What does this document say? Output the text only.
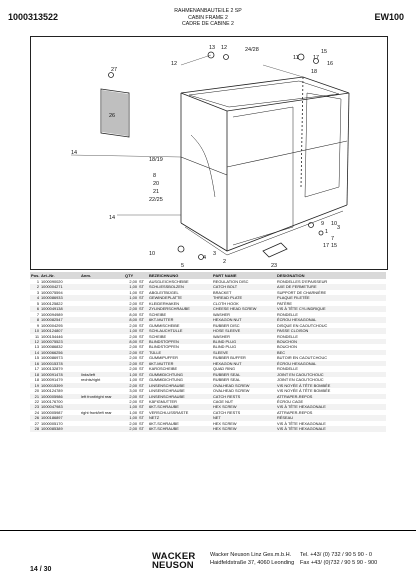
1000313522	EW100
RAHMENANBAUTEILE 2 SP
CABIN FRAME 2
CADRE DE CABINE 2
13 12	24/28
11	17
15
16
18
27
12
26
14
18/19
8
20
21
22/25
14
9 10
3
1
7
17 15
10
4
3
2
23
5
Pos.	Art.-Nr.	Anm.	QTY		BEZEICHNUNG	PART NAME	DESIGNATION
1	1000090020		2,00	ST	AUSGLEICHSCHEIBE	REGULATION DISC	RONDELLES D'EPAISSEUR
2	1000004271		1,00	ST	SCHLIESSBOLZEN	CATCH BOLT	AXE DE FERMETURE
3	1000075594		1,00	ST	ABGLEITBÜGEL	BRACKET	SUPPORT DE CHARNIÈRE
4	1000086933		1,00	ST	GEWINDEPLATTE	THREAD PLATE	PLAQUE FILETÉE
5	1000125822		2,00	ST	KLEIDERHAKEN	CLOTH HOOK	PATÈRE
6	1000049138		2,00	ST	ZYLINDERSCHRAUBE	CHEESE HEAD SCREW	VIS À TÊTE CYLINDRIQUE
7	1000094989		8,00	ST	SCHEIBE	WASHER	RONDELLE
8	1000082547		8,00	ST	6KT-MUTTER	HEXAGON NUT	ÉCROU HEXAGONAL
9	1000004295		2,00	ST	GUMMISCHEIBE	RUBBER DISC	DISQUE EN CAOUTCHOUC
10	1000124807		1,00	ST	SCHLAUCHTÜLLE	HOSE SLEEVE	PASSE CLOISON
11	1000154446		2,00	ST	SCHEIBE	WASHER	RONDELLE
12	1000075523		8,00	ST	BLINDSTOPFEN	BLIND PLUG	BOUCHON
13	1000086832		2,00	ST	BLINDSTOPFEN	BLIND PLUG	BOUCHON
14	1000066256		2,00	ST	TÜLLE	SLEEVE	BEC
15	1000086973		2,00	ST	GUMMIPUFFER	RUBBER BUFFER	BUTOIR EN CAOUTCHOUC
16	1000015378		2,00	ST	6KT-MUTTER	HEXAGON NUT	ÉCROU HEXAGONAL
17	1000132879		2,00	ST	KAROSCHEIBE	QUAD RING	RONDELLE
18	1000091478	links/left	1,00	ST	GUMMIDICHTUNG	RUBBER SEAL	JOINT EN CAOUTCHOUC
18	1000091479	rechts/right	1,00	ST	GUMMIDICHTUNG	RUBBER SEAL	JOINT EN CAOUTCHOUC
19	1000015399		2,00	ST	LINSENSCHRAUBE	OVALHEAD SCREW	VIS NOYÉE À TÊTE BOMBÉE
20	1000124789		3,00	ST	LINSENSCHRAUBE	OVALHEAD SCREW	VIS NOYÉE À TÊTE BOMBÉE
21	1000005986	left front/right rear	2,00	ST	LINSENSCHRAUBE	CATCH RESTS	ATTRAPER-REPOS
22	1000176700		2,00	ST	KÄFIGMUTTER	CAGE NUT	ÉCROU CAGE
23	1000047983		1,00	ST	6KT-SCHRAUBE	HEX SCREW	VIS À TÊTE HEXAGONALE
24	1000005987	right front/left rear	1,00	ST	VERSCHLUSSRASTE	CATCH RESTS	ATTRAPER-REPOS
26	1000186897		1,00	ST	NETZ	NET	RÉSEAU
27	1000005170		2,00	ST	6KT-SCHRAUBE	HEX SCREW	VIS À TÊTE HEXAGONALE
28	1000085389		2,00	ST	6KT-SCHRAUBE	HEX SCREW	VIS À TÊTE HEXAGONALE
14 / 30
WACKER
NEUSON
Wacker Neuson Linz Ges.m.b.H.
Haidfeldstraße 37, 4060 Leonding
Tel. +43/ (0) 732 / 90 5 90 - 0
Fax +43/ (0)732 / 90 5 90 - 900
